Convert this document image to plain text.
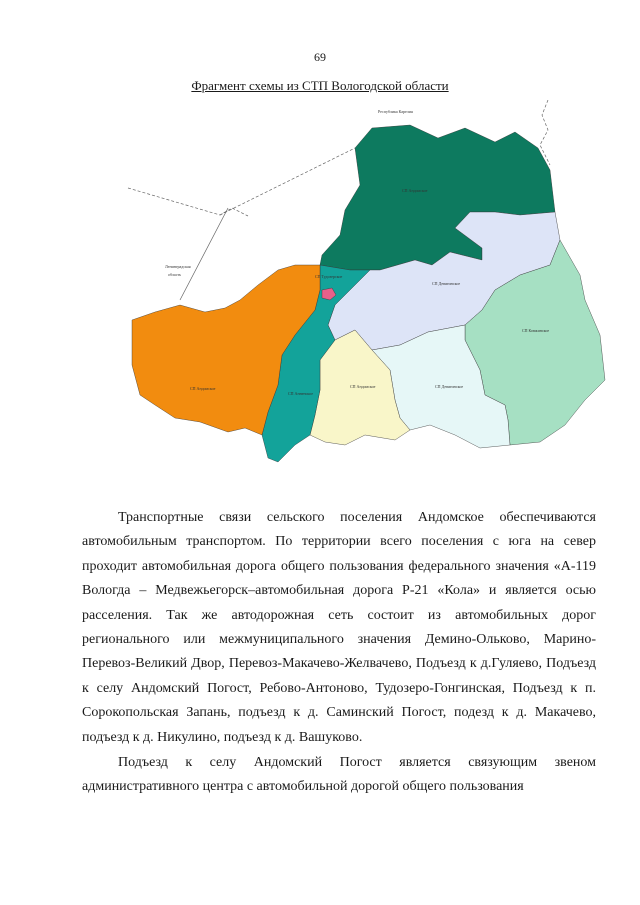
69
Фрагмент схемы из СТП Вологодской области
Республика Карелия
Ленинградская
область
СП Андомское
СП Тудозерское
СП Девятинское
СП Ковжинское
СП Андомское
СП Анненское
СП Андомское	СП Девятинское
Транспортные связи сельского поселения Андомское обеспечиваются автомобильным транспортом. По территории всего поселения с юга на север проходит автомобильная дорога общего пользования федерального значения «А-119 Вологда – Медвежьегорск–автомобильная дорога Р-21 «Кола» и является осью расселения. Так же автодорожная сеть состоит из автомобильных дорог регионального или межмуниципального значения Демино-Ольково, Марино-Перевоз-Великий Двор, Перевоз-Макачево-Желвачево, Подъезд к д.Гуляево, Подъезд к селу Андомский Погост, Ребово-Антоново, Тудозеро-Гонгинская, Подъезд к п. Сорокопольская Запань, подъезд к д. Саминский Погост, подезд к д. Макачево, подъезд к д. Никулино, подъезд к д. Вашуково.
Подъезд к селу Андомский Погост является связующим звеном административного центра с автомобильной дорогой общего пользования
